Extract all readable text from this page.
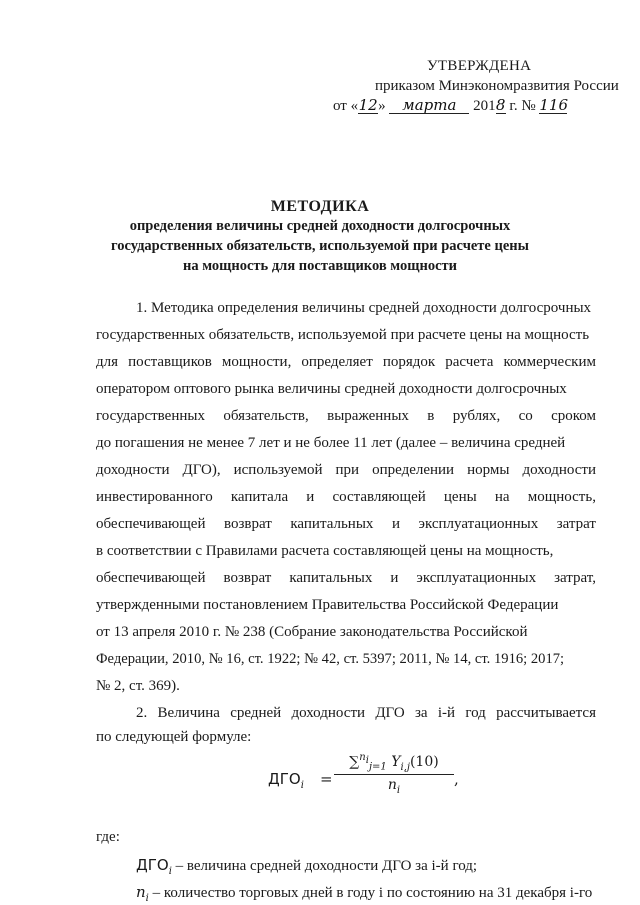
УТВЕРЖДЕНА
приказом Минэкономразвития России
от «12» марта 2018 г. № 116
МЕТОДИКА
определения величины средней доходности долгосрочных
государственных обязательств, используемой при расчете цены
на мощность для поставщиков мощности
1. Методика определения величины средней доходности долгосрочных
государственных обязательств, используемой при расчете цены на мощность
для поставщиков мощности, определяет порядок расчета коммерческим
оператором оптового рынка величины средней доходности долгосрочных
государственных обязательств, выраженных в рублях, со сроком
до погашения не менее 7 лет и не более 11 лет (далее – величина средней
доходности ДГО), используемой при определении нормы доходности
инвестированного капитала и составляющей цены на мощность,
обеспечивающей возврат капитальных и эксплуатационных затрат
в соответствии с Правилами расчета составляющей цены на мощность,
обеспечивающей возврат капитальных и эксплуатационных затрат,
утвержденными постановлением Правительства Российской Федерации
от 13 апреля 2010 г. № 238 (Собрание законодательства Российской
Федерации, 2010, № 16, ст. 1922; № 42, ст. 5397; 2011, № 14, ст. 1916; 2017;
№ 2, ст. 369).
2. Величина средней доходности ДГО за i-й год рассчитывается
по следующей формуле:
$ДГО_i$ =
∑$^{n_i}_{j=1}$ $Y_{i,j}(10)$
$n_i$
,
где:
$ДГО_i$ – величина средней доходности ДГО за i-й год;
$n_i$ – количество торговых дней в году i по состоянию на 31 декабря i-го
